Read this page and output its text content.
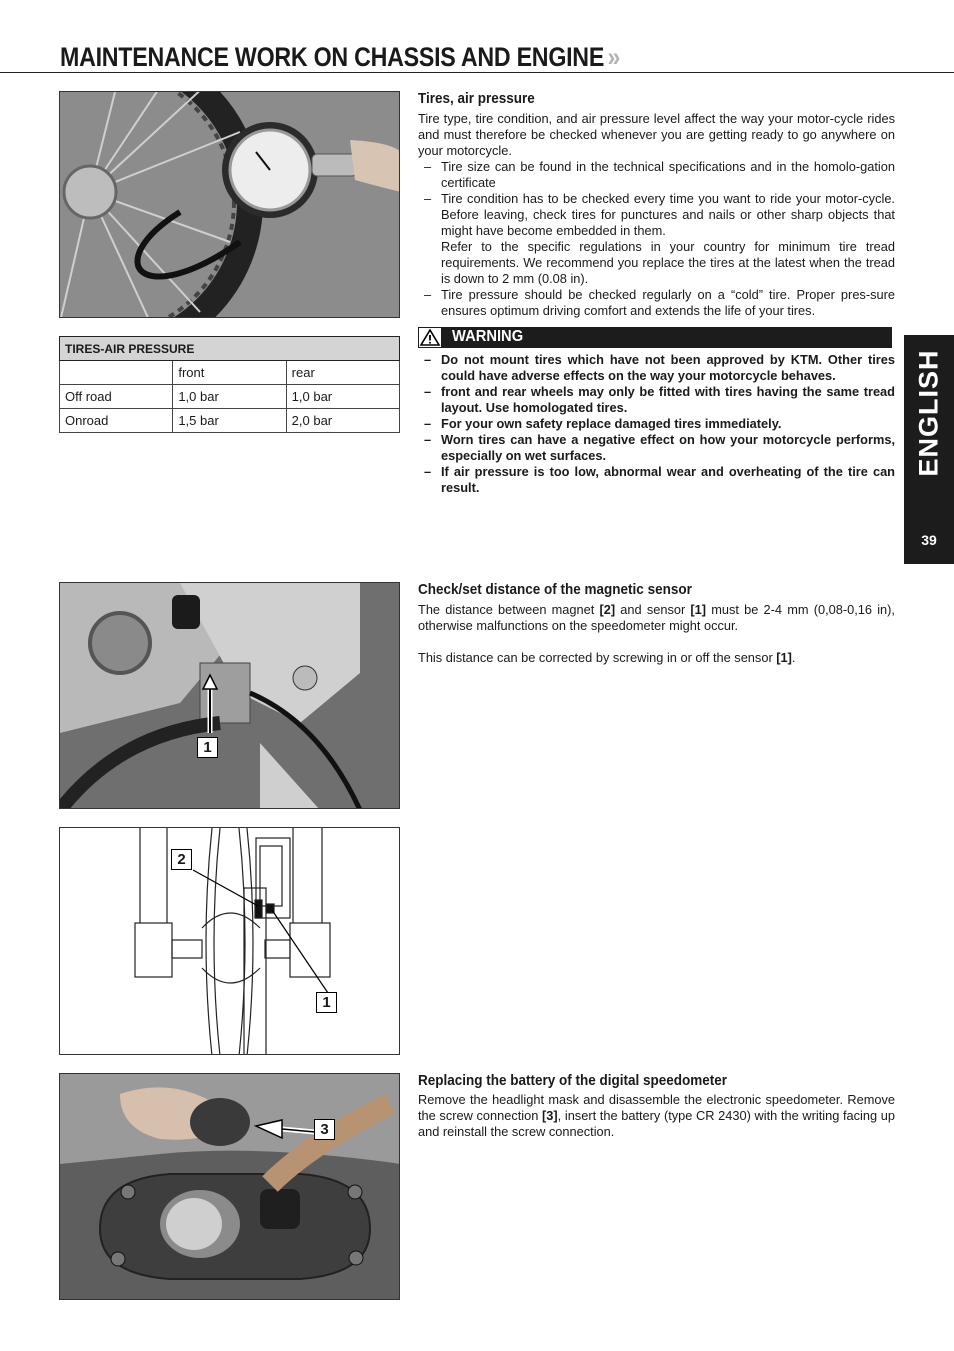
MAINTENANCE WORK ON CHASSIS AND ENGINE »
ENGLISH
39
TIRES-AIR PRESSURE		
	front	rear
Off road	1,0 bar	1,0 bar
Onroad	1,5 bar	2,0 bar
Tires, air pressure

Tire type, tire condition, and air pressure level affect the way your motor-cycle rides and must therefore be checked whenever you are getting ready to go anywhere on your motorcycle.

– Tire size can be found in the technical specifications and in the homolo-gation certificate
– Tire condition has to be checked every time you want to ride your motor-cycle. Before leaving, check tires for punctures and nails or other sharp objects that might have become embedded in them.
Refer to the specific regulations in your country for minimum tire tread requirements. We recommend you replace the tires at the latest when the tread is down to 2 mm (0.08 in).
– Tire pressure should be checked regularly on a “cold” tire. Proper pres-sure ensures optimum driving comfort and extends the life of your tires.
WARNING
– Do not mount tires which have not been approved by KTM. Other tires could have adverse effects on the way your motorcycle behaves.
– front and rear wheels may only be fitted with tires having the same tread layout. Use homologated tires.
– For your own safety replace damaged tires immediately.
– Worn tires can have a negative effect on how your motorcycle performs, especially on wet surfaces.
– If air pressure is too low, abnormal wear and overheating of the tire can result.
1
Check/set distance of the magnetic sensor

The distance between magnet [2] and sensor [1] must be 2-4 mm (0,08-0,16 in), otherwise malfunctions on the speedometer might occur.

This distance can be corrected by screwing in or off the sensor [1].

2
1
3
Replacing the battery of the digital speedometer

Remove the headlight mask and disassemble the electronic speedometer. Remove the screw connection [3], insert the battery (type CR 2430) with the writing facing up and reinstall the screw connection.
